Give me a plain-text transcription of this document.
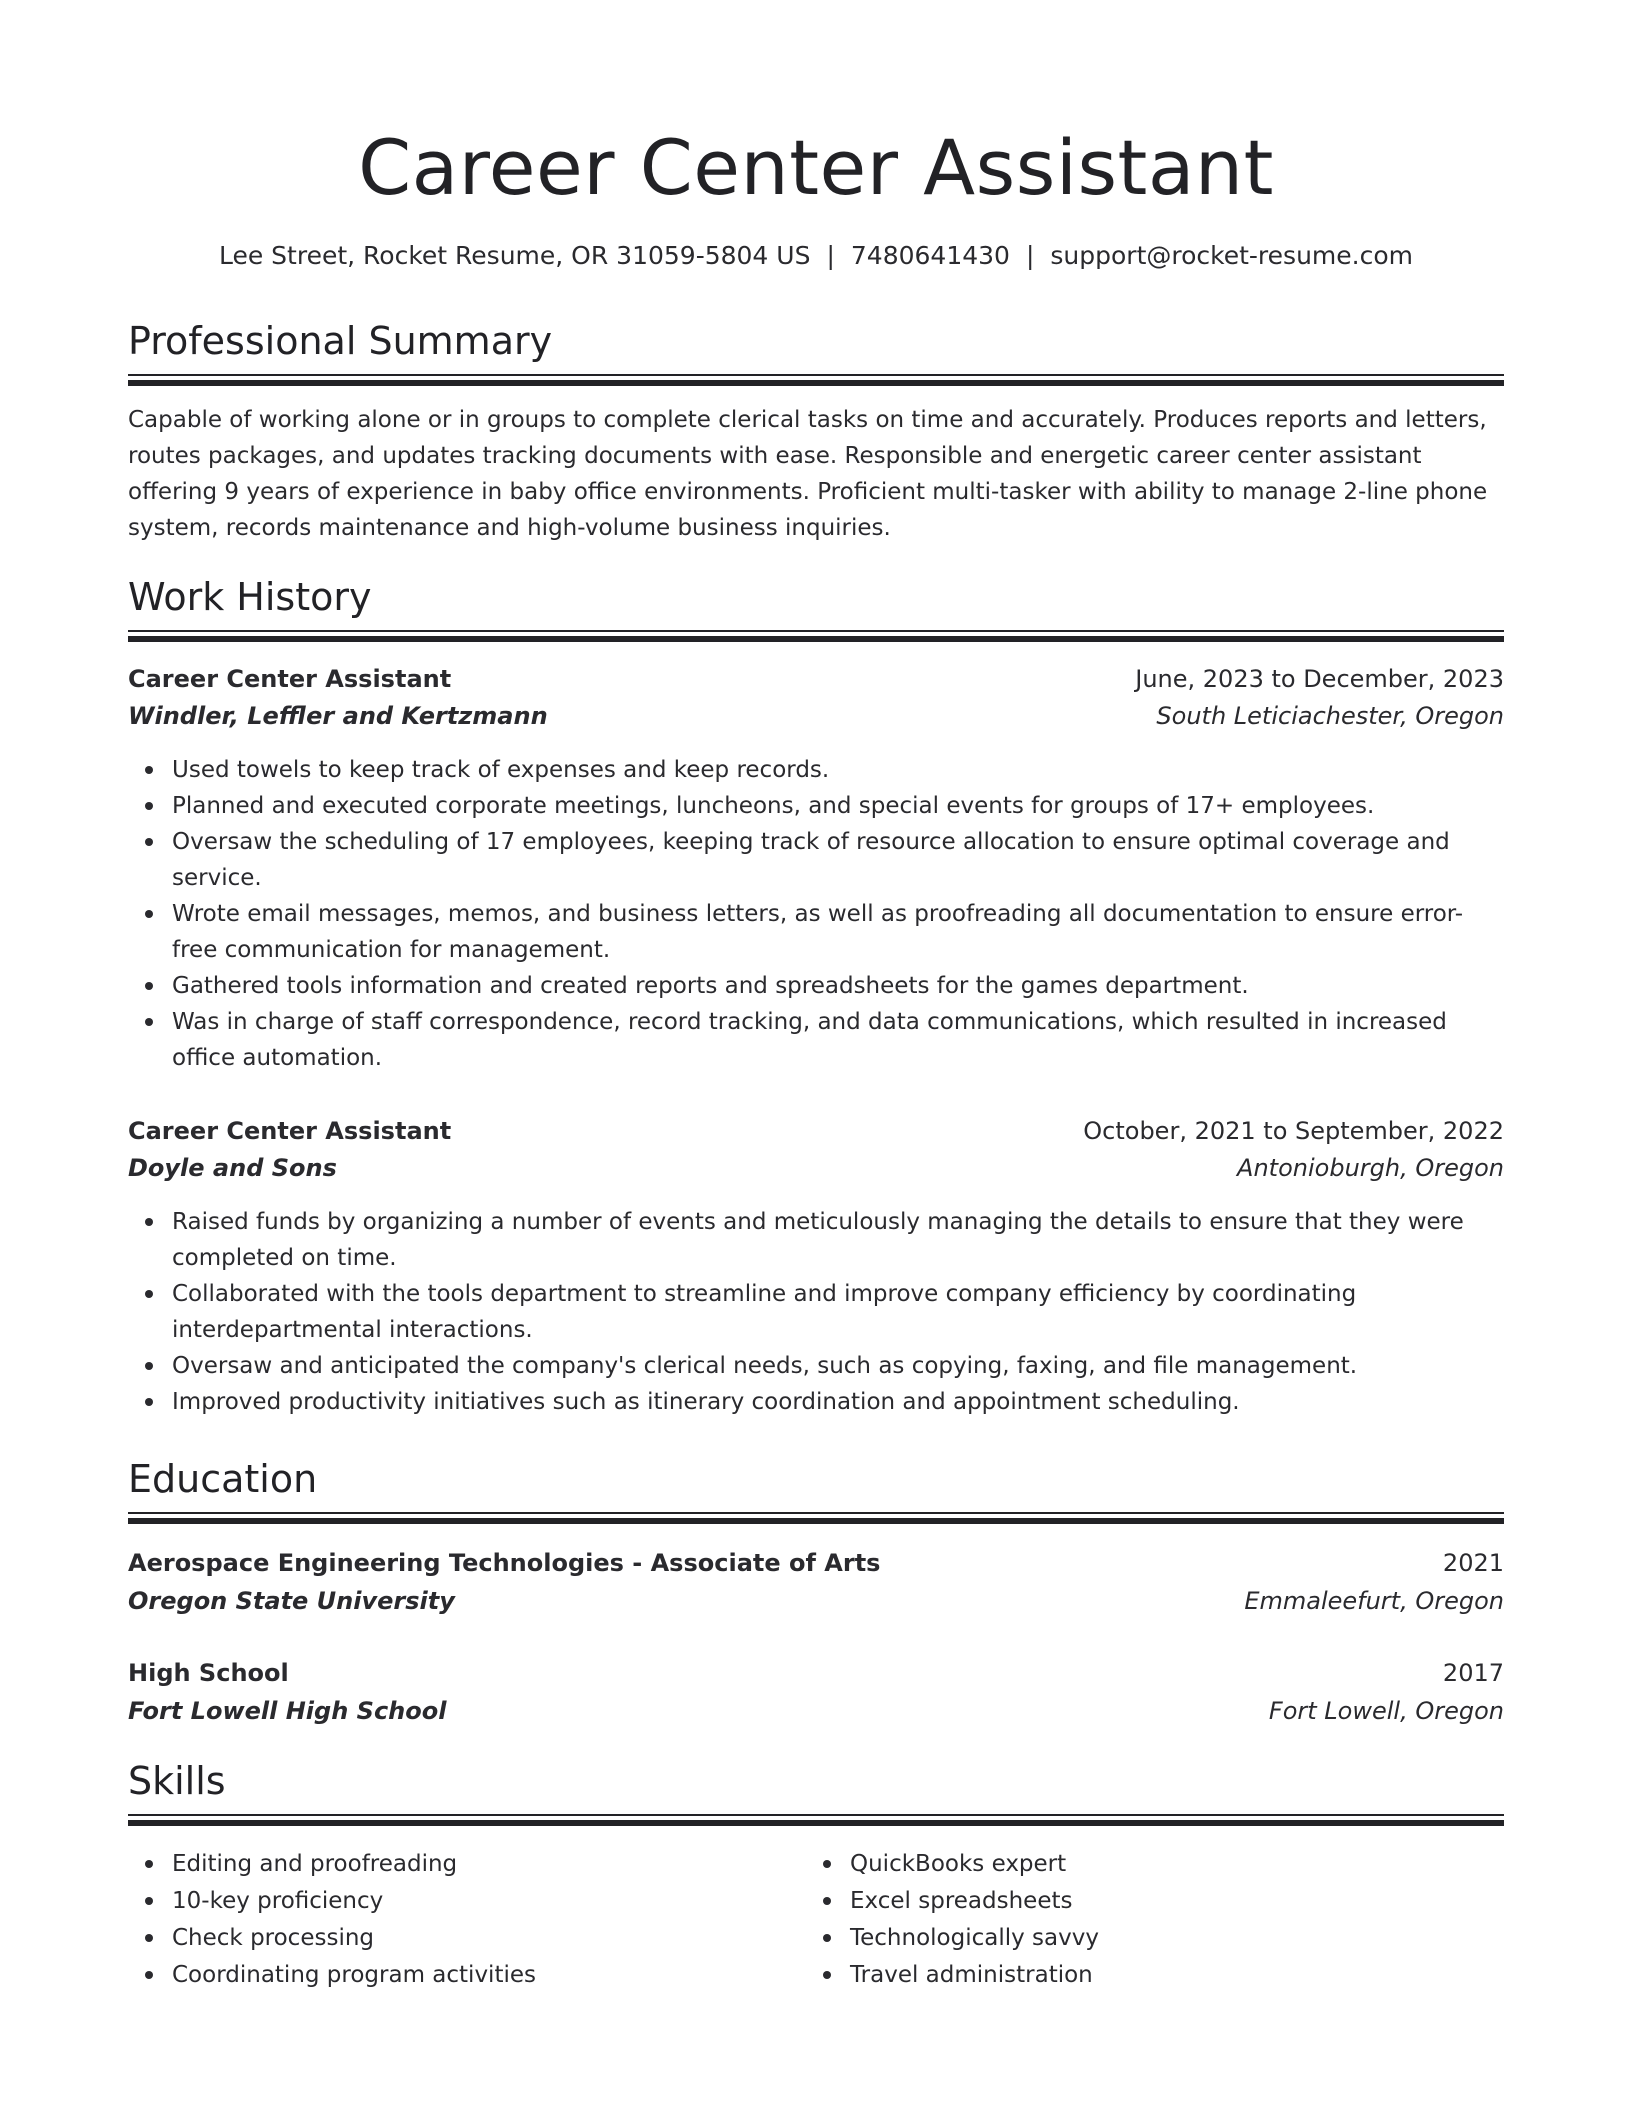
Career Center Assistant
Lee Street, Rocket Resume, OR 31059-5804 US | 7480641430 | support@rocket-resume.com
Professional Summary
Capable of working alone or in groups to complete clerical tasks on time and accurately. Produces reports and letters, routes packages, and updates tracking documents with ease. Responsible and energetic career center assistant offering 9 years of experience in baby office environments. Proficient multi-tasker with ability to manage 2-line phone system, records maintenance and high-volume business inquiries.
Work History
Career Center Assistant	June, 2023 to December, 2023
Windler, Leffler and Kertzmann	South Leticiachester, Oregon
Used towels to keep track of expenses and keep records.
Planned and executed corporate meetings, luncheons, and special events for groups of 17+ employees.
Oversaw the scheduling of 17 employees, keeping track of resource allocation to ensure optimal coverage and service.
Wrote email messages, memos, and business letters, as well as proofreading all documentation to ensure error-free communication for management.
Gathered tools information and created reports and spreadsheets for the games department.
Was in charge of staff correspondence, record tracking, and data communications, which resulted in increased office automation.
Career Center Assistant	October, 2021 to September, 2022
Doyle and Sons	Antonioburgh, Oregon
Raised funds by organizing a number of events and meticulously managing the details to ensure that they were completed on time.
Collaborated with the tools department to streamline and improve company efficiency by coordinating interdepartmental interactions.
Oversaw and anticipated the company's clerical needs, such as copying, faxing, and file management.
Improved productivity initiatives such as itinerary coordination and appointment scheduling.
Education
Aerospace Engineering Technologies - Associate of Arts	2021
Oregon State University	Emmaleefurt, Oregon
High School	2017
Fort Lowell High School	Fort Lowell, Oregon
Skills
Editing and proofreading
10-key proficiency
Check processing
Coordinating program activities
QuickBooks expert
Excel spreadsheets
Technologically savvy
Travel administration
